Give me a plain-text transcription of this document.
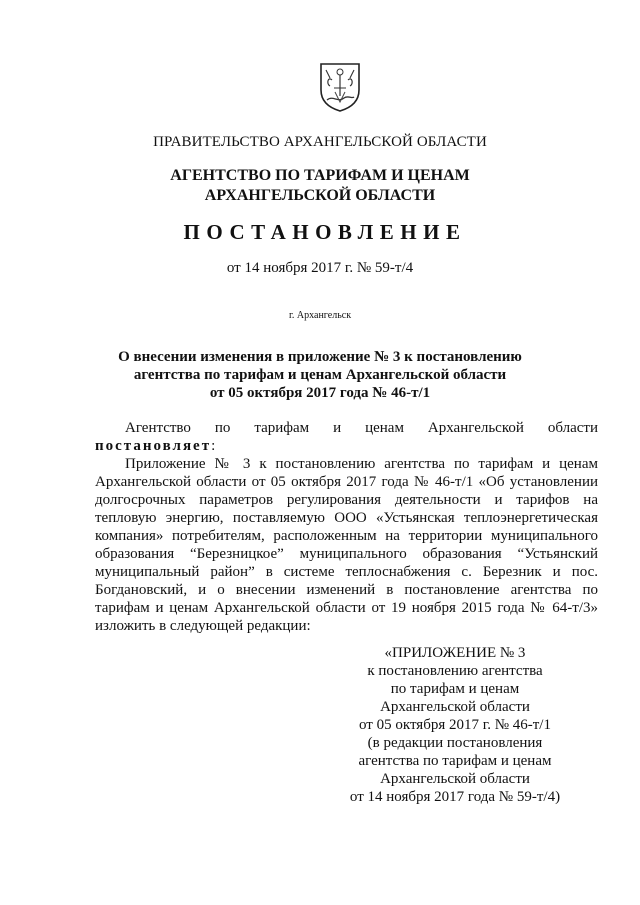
ПРАВИТЕЛЬСТВО АРХАНГЕЛЬСКОЙ ОБЛАСТИ
АГЕНТСТВО ПО ТАРИФАМ И ЦЕНАМ
АРХАНГЕЛЬСКОЙ ОБЛАСТИ
ПОСТАНОВЛЕНИЕ
от 14 ноября 2017 г. № 59-т/4
г. Архангельск
О внесении изменения в приложение № 3 к постановлению
агентства по тарифам и ценам Архангельской области
от 05 октября 2017 года № 46-т/1

Агентство по тарифам и ценам Архангельской области постановляет:

Приложение № 3 к постановлению агентства по тарифам и ценам Архангельской области от 05 октября 2017 года № 46-т/1 «Об установлении долгосрочных параметров регулирования деятельности и тарифов на тепловую энергию, поставляемую ООО «Устьянская теплоэнергетическая компания» потребителям, расположенным на территории муниципального образования “Березницкое” муниципального образования “Устьянский муниципальный район” в системе теплоснабжения с. Березник и пос. Богдановский, и о внесении изменений в постановление агентства по тарифам и ценам Архангельской области от 19 ноября 2015 года № 64-т/3» изложить в следующей редакции:

«ПРИЛОЖЕНИЕ № 3
к постановлению агентства
по тарифам и ценам
Архангельской области
от 05 октября 2017 г. № 46-т/1
(в редакции постановления
агентства по тарифам и ценам
Архангельской области
от 14 ноября 2017 года № 59-т/4)
